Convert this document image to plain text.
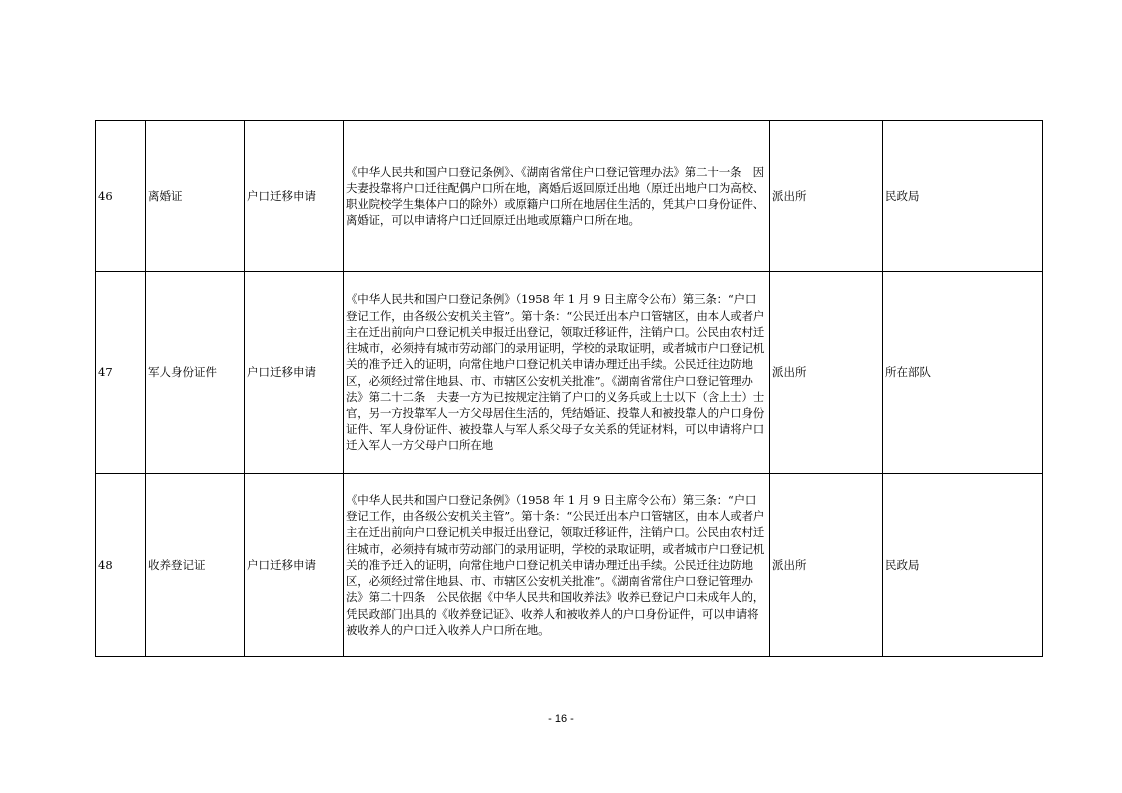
46	离婚证	户口迁移申请	《中华人民共和国户口登记条例》、《湖南省常住户口登记管理办法》第二十一条　因夫妻投靠将户口迁往配偶户口所在地，离婚后返回原迁出地（原迁出地户口为高校、职业院校学生集体户口的除外）或原籍户口所在地居住生活的，凭其户口身份证件、离婚证，可以申请将户口迁回原迁出地或原籍户口所在地。	派出所	民政局
47	军人身份证件	户口迁移申请	《中华人民共和国户口登记条例》（1958 年 1 月 9 日主席令公布）第三条：“户口登记工作，由各级公安机关主管”。第十条：“公民迁出本户口管辖区，由本人或者户主在迁出前向户口登记机关申报迁出登记，领取迁移证件，注销户口。公民由农村迁往城市，必须持有城市劳动部门的录用证明，学校的录取证明，或者城市户口登记机关的准予迁入的证明，向常住地户口登记机关申请办理迁出手续。公民迁往边防地区，必须经过常住地县、市、市辖区公安机关批准”。《湖南省常住户口登记管理办法》第二十二条　夫妻一方为已按规定注销了户口的义务兵或上士以下（含上士）士官，另一方投靠军人一方父母居住生活的，凭结婚证、投靠人和被投靠人的户口身份证件、军人身份证件、被投靠人与军人系父母子女关系的凭证材料，可以申请将户口迁入军人一方父母户口所在地	派出所	所在部队
48	收养登记证	户口迁移申请	《中华人民共和国户口登记条例》（1958 年 1 月 9 日主席令公布）第三条：“户口登记工作，由各级公安机关主管”。第十条：“公民迁出本户口管辖区，由本人或者户主在迁出前向户口登记机关申报迁出登记，领取迁移证件，注销户口。公民由农村迁往城市，必须持有城市劳动部门的录用证明，学校的录取证明，或者城市户口登记机关的准予迁入的证明，向常住地户口登记机关申请办理迁出手续。公民迁往边防地区，必须经过常住地县、市、市辖区公安机关批准”。《湖南省常住户口登记管理办法》第二十四条　公民依据《中华人民共和国收养法》收养已登记户口未成年人的，凭民政部门出具的《收养登记证》、收养人和被收养人的户口身份证件，可以申请将被收养人的户口迁入收养人户口所在地。	派出所	民政局
- 16 -
